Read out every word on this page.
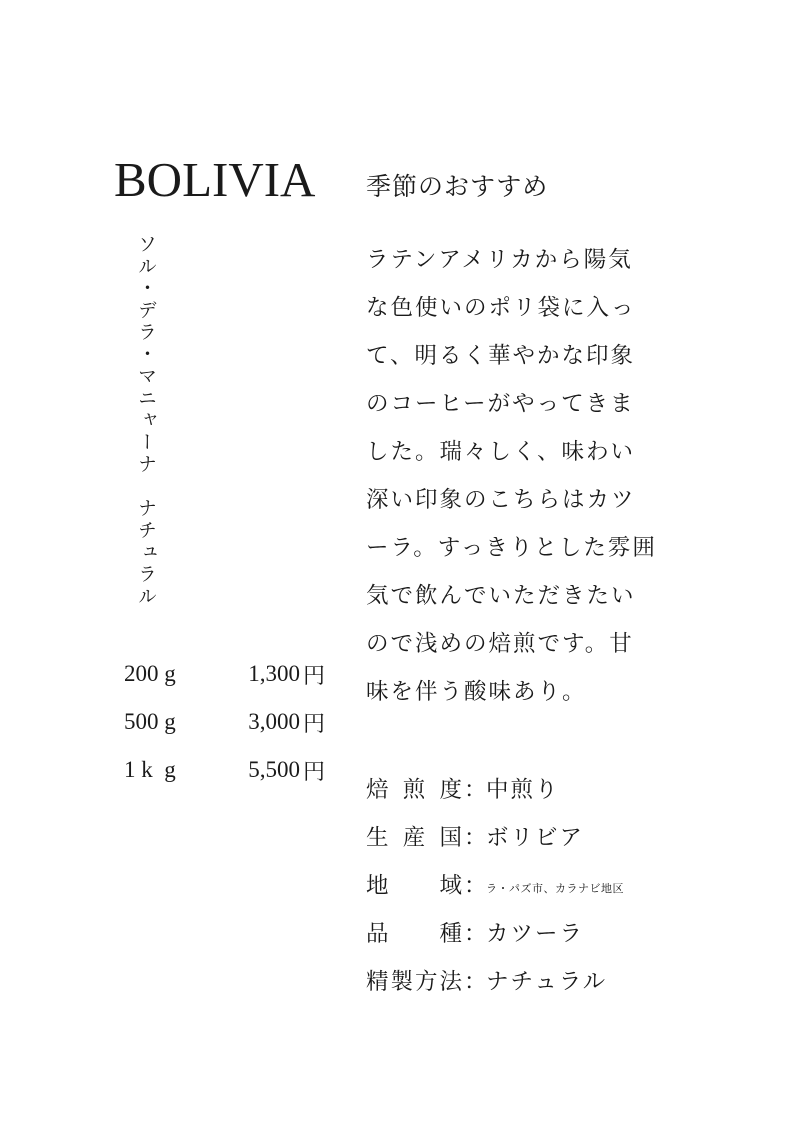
BOLIVIA 季節のおすすめ
ソル・デラ・マニャーナ　ナチュラル
200 g	1,300 円
500 g	3,000 円
1 k  g	5,500 円
ラテンアメリカから陽気
な色使いのポリ袋に入っ
て、明るく華やかな印象
のコーヒーがやってきま
した。瑞々しく、味わい
深い印象のこちらはカツ
ーラ。すっきりとした雰囲
気で飲んでいただきたい
ので浅めの焙煎です。甘
味を伴う酸味あり。
焙 煎 度 ：
中煎り
生 産 国 ：
ボリビア
地 域 ：
ラ・パズ市、カラナビ地区
品 種 ：
カツーラ
精製方法 ：
ナチュラル
